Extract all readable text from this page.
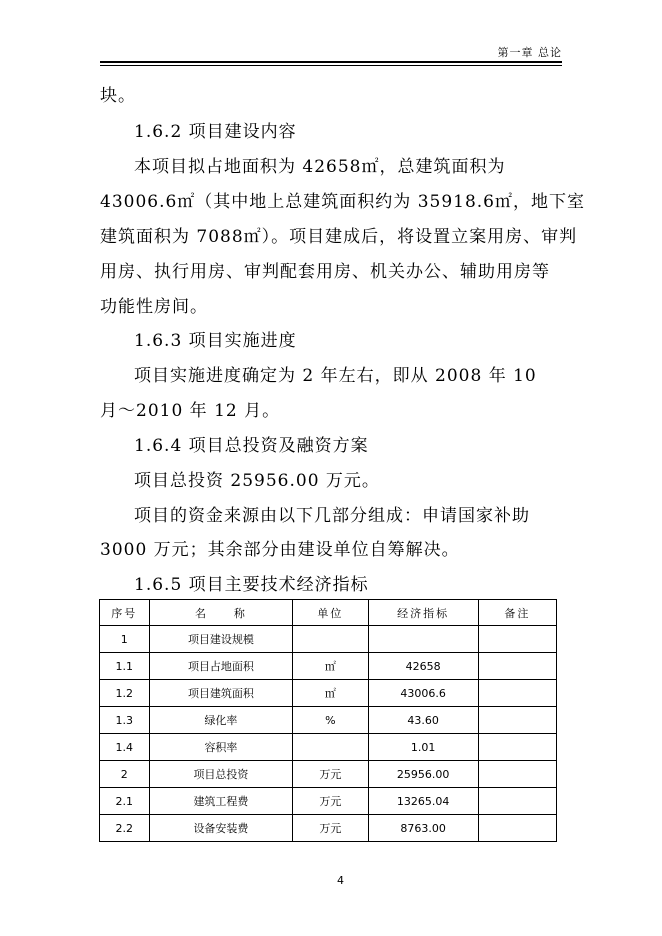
第一章 总论
块。
1.6.2 项目建设内容
本项目拟占地面积为 42658㎡，总建筑面积为
43006.6㎡（其中地上总建筑面积约为 35918.6㎡，地下室
建筑面积为 7088㎡）。项目建成后，将设置立案用房、审判
用房、执行用房、审判配套用房、机关办公、辅助用房等
功能性房间。
1.6.3 项目实施进度
项目实施进度确定为 2 年左右，即从 2008 年 10
月～2010 年 12 月。
1.6.4 项目总投资及融资方案
项目总投资 25956.00 万元。
项目的资金来源由以下几部分组成：申请国家补助
3000 万元；其余部分由建设单位自筹解决。
1.6.5 项目主要技术经济指标
序号	名　　称	单位	经济指标	备注
1	项目建设规模			
1.1	项目占地面积	㎡	42658	
1.2	项目建筑面积	㎡	43006.6	
1.3	绿化率	%	43.60	
1.4	容积率		1.01	
2	项目总投资	万元	25956.00	
2.1	建筑工程费	万元	13265.04	
2.2	设备安装费	万元	8763.00	
4
